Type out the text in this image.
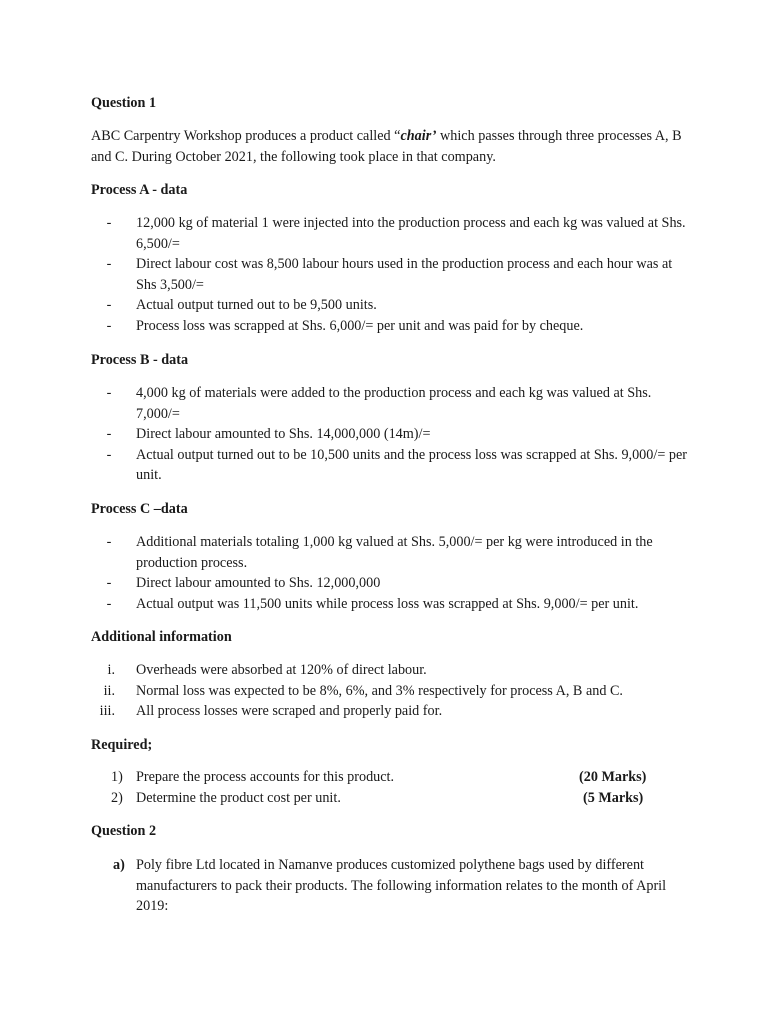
Question 1
ABC Carpentry Workshop produces a product called “chair’ which passes through three processes A, B and C. During October 2021, the following took place in that company.
Process A - data
-	12,000 kg of material 1 were injected into the production process and each kg was valued at Shs. 6,500/=
-	Direct labour cost was 8,500 labour hours used in the production process and each hour was at Shs 3,500/=
-	Actual output turned out to be 9,500 units.
-	Process loss was scrapped at Shs. 6,000/= per unit and was paid for by cheque.
Process B - data
-	4,000 kg of materials were added to the production process and each kg was valued at Shs. 7,000/=
-	Direct labour amounted to Shs. 14,000,000 (14m)/=
-	Actual output turned out to be 10,500 units and the process loss was scrapped at Shs. 9,000/= per unit.
Process C –data
-	Additional materials totaling 1,000 kg valued at Shs. 5,000/= per kg were introduced in the production process.
-	Direct labour amounted to Shs. 12,000,000
-	Actual output was 11,500 units while process loss was scrapped at Shs. 9,000/= per unit.
Additional information
i. Overheads were absorbed at 120% of direct labour.
ii. Normal loss was expected to be 8%, 6%, and 3% respectively for process A, B and C.
iii. All process losses were scraped and properly paid for.
Required;
1) Prepare the process accounts for this product.	(20 Marks)
2) Determine the product cost per unit.	(5 Marks)
Question 2
a) Poly fibre Ltd located in Namanve produces customized polythene bags used by different manufacturers to pack their products. The following information relates to the month of April 2019:
